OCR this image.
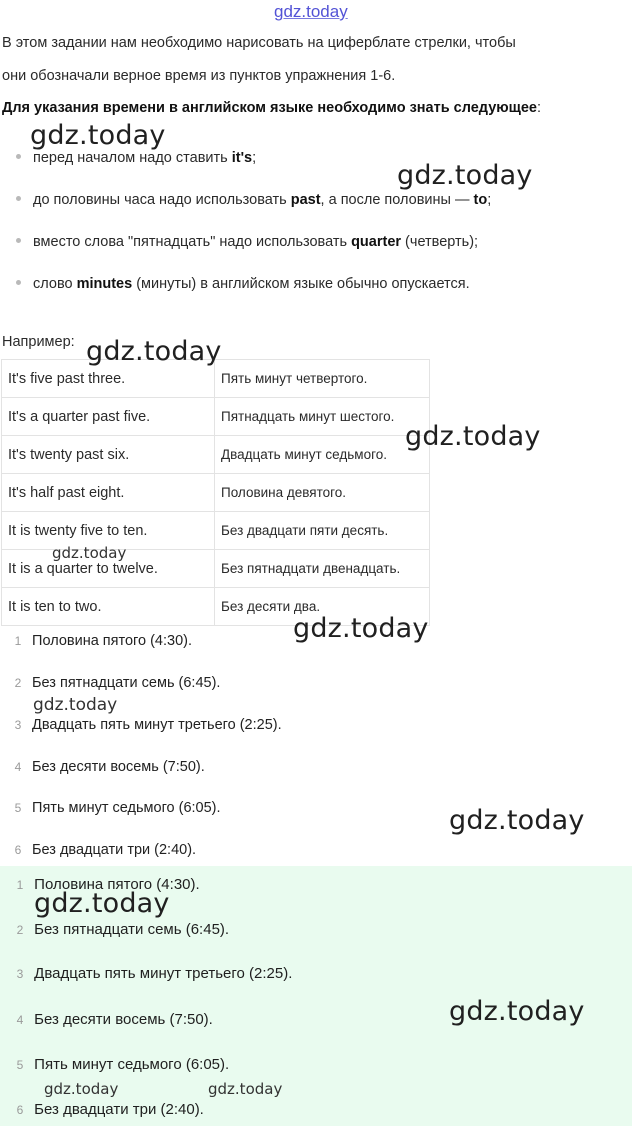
gdz.today
В этом задании нам необходимо нарисовать на циферблате стрелки, чтобы
они обозначали верное время из пунктов упражнения 1-6.
Для указания времени в английском языке необходимо знать следующее:
перед началом надо ставить it's;
до половины часа надо использовать past, а после половины — to;
вместо слова "пятнадцать" надо использовать quarter (четверть);
слово minutes (минуты) в английском языке обычно опускается.
Например:
It's five past three.	Пять минут четвертого.
It's a quarter past five.	Пятнадцать минут шестого.
It's twenty past six.	Двадцать минут седьмого.
It's half past eight.	Половина девятого.
It is twenty five to ten.	Без двадцати пяти десять.
It is a quarter to twelve.	Без пятнадцати двенадцать.
It is ten to two.	Без десяти два.
1 Половина пятого (4:30).
2 Без пятнадцати семь (6:45).
3 Двадцать пять минут третьего (2:25).
4 Без десяти восемь (7:50).
5 Пять минут седьмого (6:05).
6 Без двадцати три (2:40).
1 Половина пятого (4:30).
2 Без пятнадцати семь (6:45).
3 Двадцать пять минут третьего (2:25).
4 Без десяти восемь (7:50).
5 Пять минут седьмого (6:05).
6 Без двадцати три (2:40).
gdz.today
gdz.today
gdz.today
gdz.today
gdz.today
gdz.today
gdz.today
gdz.today
gdz.today
gdz.today
gdz.today	gdz.today
